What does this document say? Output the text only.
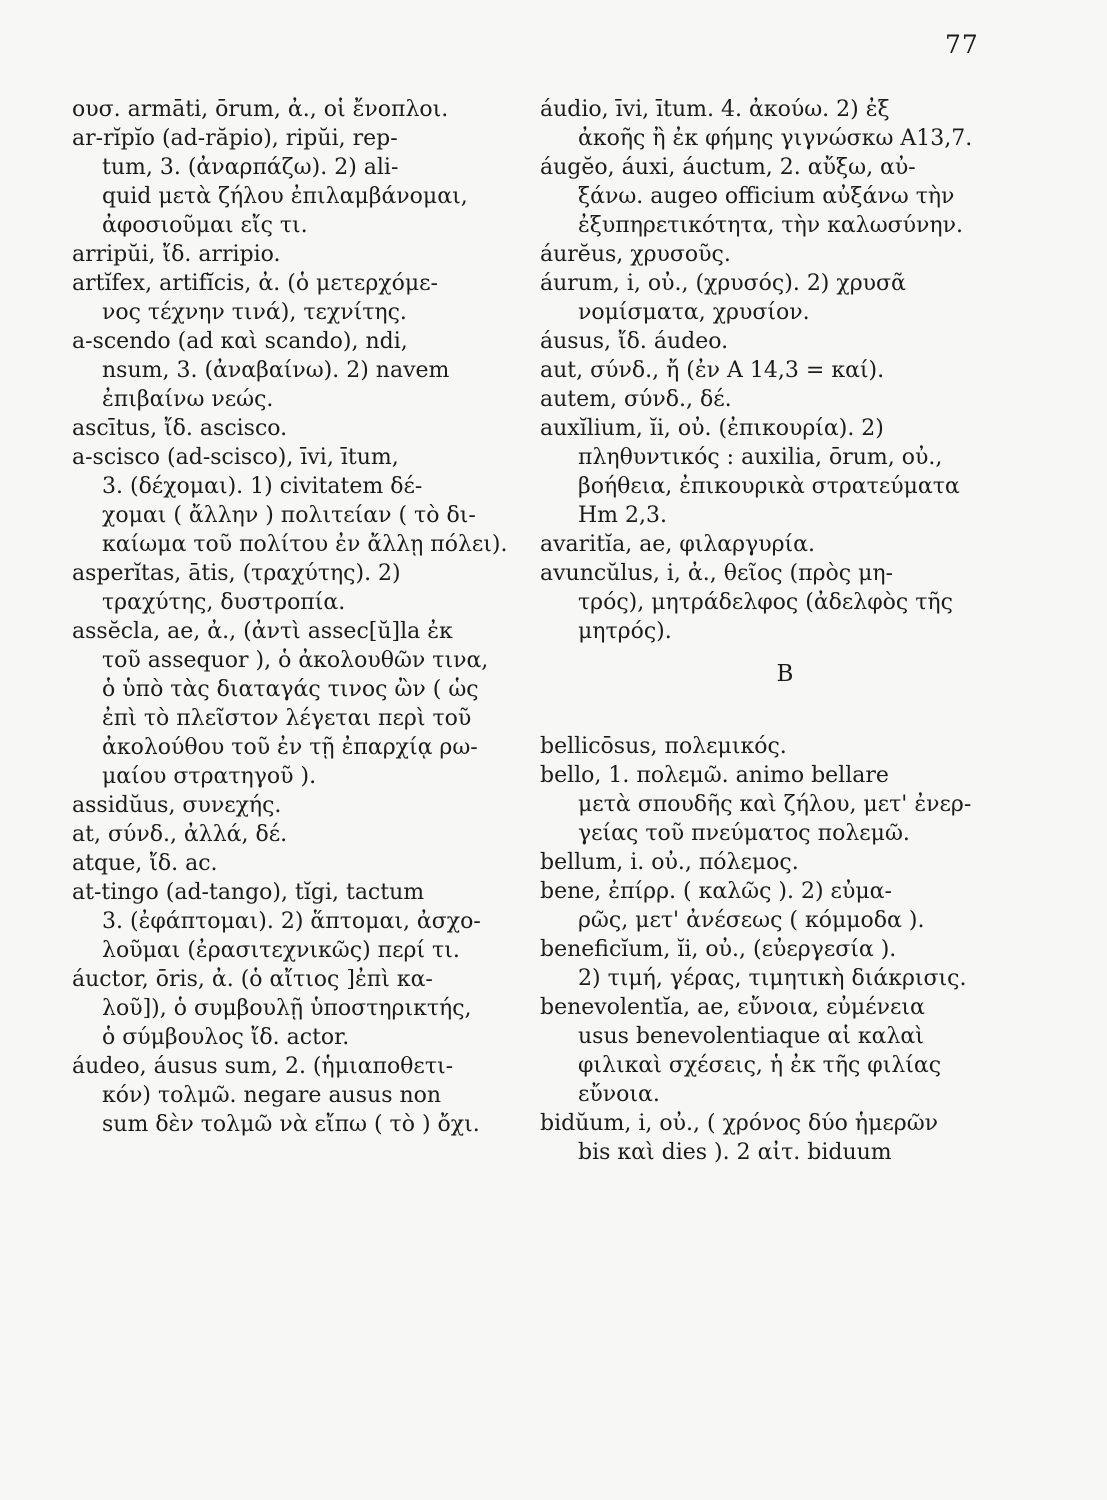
77
ουσ. armāti, ōrum, ἀ., οἱ ἔνοπλοι.
ar-rĭpĭo (ad-răpio), ripŭi, rep-
tum, 3. (ἀναρπάζω). 2) ali-
quid μετὰ ζήλου ἐπιλαμβάνομαι,
ἀφοσιοῦμαι εἴς τι.
arripŭi, ἴδ. arripio.
artĭfex, artifĭcis, ἀ. (ὁ μετερχόμε-
νος τέχνην τινά), τεχνίτης.
a-scendo (ad καὶ scando), ndi,
nsum, 3. (ἀναβαίνω). 2) navem
ἐπιβαίνω νεώς.
ascītus, ἴδ. ascisco.
a-scisco (ad-scisco), īvi, ītum,
3. (δέχομαι). 1) civitatem δέ-
χομαι ( ἄλλην ) πολιτείαν ( τὸ δι-
καίωμα τοῦ πολίτου ἐν ἄλλῃ πόλει).
asperĭtas, ātis, (τραχύτης). 2)
τραχύτης, δυστροπία.
assĕcla, ae, ἀ., (ἀντὶ assec[ŭ]la ἐκ
τοῦ assequor ), ὁ ἀκολουθῶν τινα,
ὁ ὑπὸ τὰς διαταγάς τινος ὢν ( ὡς
ἐπὶ τὸ πλεῖστον λέγεται περὶ τοῦ
ἀκολούθου τοῦ ἐν τῇ ἐπαρχίᾳ ρω-
μαίου στρατηγοῦ ).
assidŭus, συνεχής.
at, σύνδ., ἀλλά, δέ.
atque, ἴδ. ac.
at-tingo (ad-tango), tĭgi, tactum
3. (ἐφάπτομαι). 2) ἅπτομαι, ἀσχο-
λοῦμαι (ἐρασιτεχνικῶς) περί τι.
áuctor, ōris, ἀ. (ὁ αἴτιος ]ἐπὶ κα-
λοῦ]), ὁ συμβουλῇ ὑποστηρικτής,
ὁ σύμβουλος ἴδ. actor.
áudeo, áusus sum, 2. (ἡμιαποθετι-
κόν) τολμῶ. negare ausus non
sum δὲν τολμῶ νὰ εἴπω ( τὸ ) ὄχι.
áudio, īvi, ītum. 4. ἀκούω. 2) ἐξ
ἀκοῆς ἢ ἐκ φήμης γιγνώσκω A13,7.
áugĕo, áuxi, áuctum, 2. αὔξω, αὐ-
ξάνω. augeo officium αὐξάνω τὴν
ἐξυπηρετικότητα, τὴν καλωσύνην.
áurĕus, χρυσοῦς.
áurum, i, οὐ., (χρυσός). 2) χρυσᾶ
νομίσματα, χρυσίον.
áusus, ἴδ. áudeo.
aut, σύνδ., ἤ (ἐν Α 14,3 = καί).
autem, σύνδ., δέ.
auxĭlium, ĭi, οὐ. (ἐπικουρία). 2)
πληθυντικός : auxilia, ōrum, οὐ.,
βοήθεια, ἐπικουρικὰ στρατεύματα
Hm 2,3.
avaritĭa, ae, φιλαργυρία.
avuncŭlus, i, ἀ., θεῖος (πρὸς μη-
τρός), μητράδελφος (ἀδελφὸς τῆς
μητρός).
B
bellicōsus, πολεμικός.
bello, 1. πολεμῶ. animo bellare
μετὰ σπουδῆς καὶ ζήλου, μετ' ἐνερ-
γείας τοῦ πνεύματος πολεμῶ.
bellum, i. οὐ., πόλεμος.
bene, ἐπίρρ. ( καλῶς ). 2) εὐμα-
ρῶς, μετ' ἀνέσεως ( κόμμοδα ).
beneficĭum, ĭi, οὐ., (εὐεργεσία ).
2) τιμή, γέρας, τιμητικὴ διάκρισις.
benevolentĭa, ae, εὔνοια, εὐμένεια
usus benevolentiaque αἱ καλαὶ
φιλικαὶ σχέσεις, ἡ ἐκ τῆς φιλίας
εὔνοια.
bidŭum, i, οὐ., ( χρόνος δύο ἡμερῶν
bis καὶ dies ). 2 αἰτ. biduum
